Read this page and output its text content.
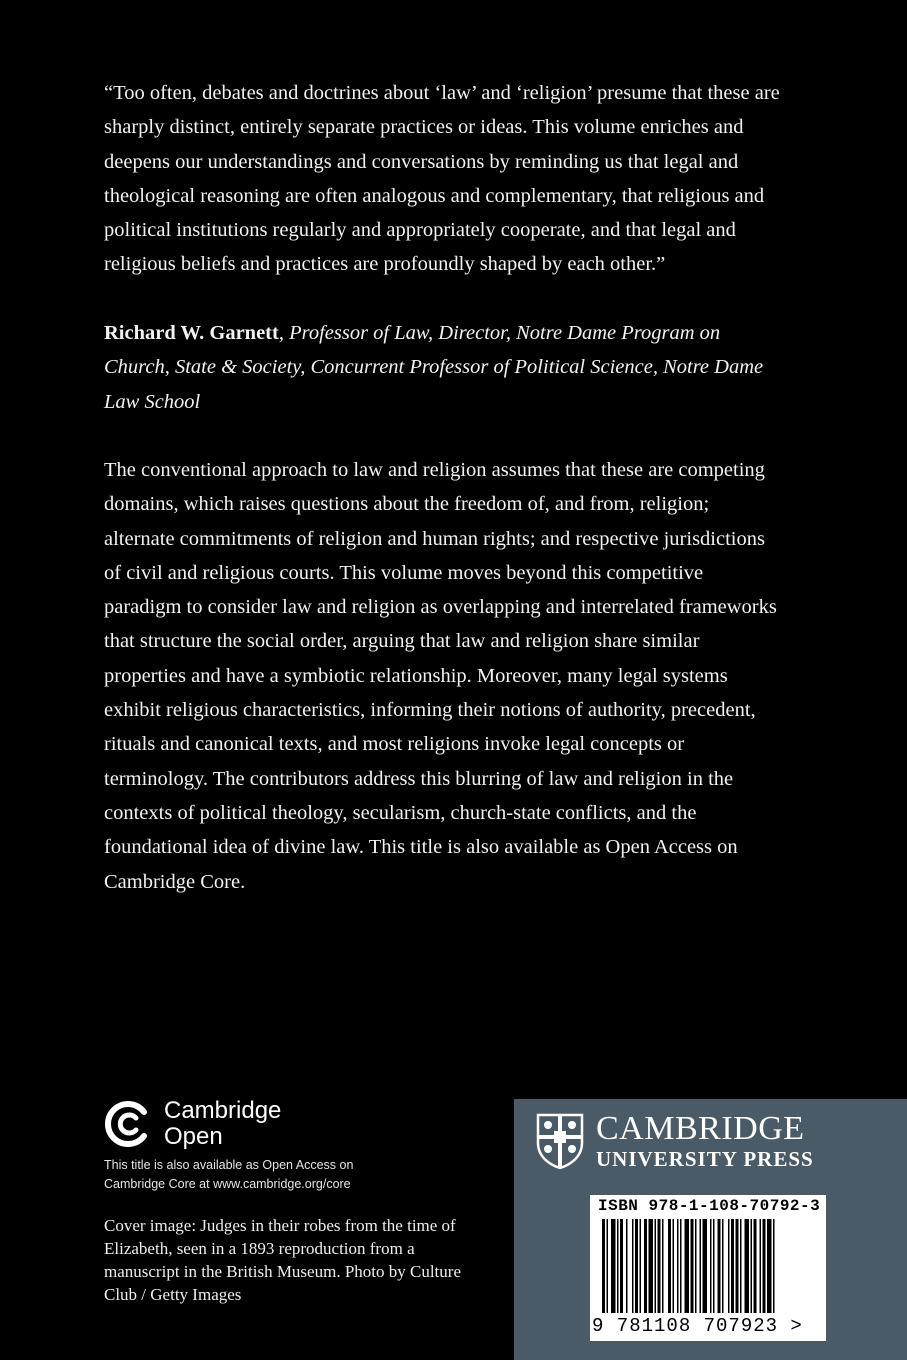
“Too often, debates and doctrines about ‘law’ and ‘religion’ presume that these are sharply distinct, entirely separate practices or ideas. This volume enriches and deepens our understandings and conversations by reminding us that legal and theological reasoning are often analogous and complementary, that religious and political institutions regularly and appropriately cooperate, and that legal and religious beliefs and practices are profoundly shaped by each other.”

Richard W. Garnett, Professor of Law, Director, Notre Dame Program on Church, State & Society, Concurrent Professor of Political Science, Notre Dame Law School

The conventional approach to law and religion assumes that these are competing domains, which raises questions about the freedom of, and from, religion; alternate commitments of religion and human rights; and respective jurisdictions of civil and religious courts. This volume moves beyond this competitive paradigm to consider law and religion as overlapping and interrelated frameworks that structure the social order, arguing that law and religion share similar properties and have a symbiotic relationship. Moreover, many legal systems exhibit religious characteristics, informing their notions of authority, precedent, rituals and canonical texts, and most religions invoke legal concepts or terminology. The contributors address this blurring of law and religion in the contexts of political theology, secularism, church-state conflicts, and the foundational idea of divine law. This title is also available as Open Access on Cambridge Core.

Cambridge
Open

This title is also available as Open Access on Cambridge Core at www.cambridge.org/core

Cover image: Judges in their robes from the time of Elizabeth, seen in a 1893 reproduction from a manuscript in the British Museum. Photo by Culture Club / Getty Images

CAMBRIDGE
UNIVERSITY PRESS
ISBN 978-1-108-70792-3
9 781108 707923 >
